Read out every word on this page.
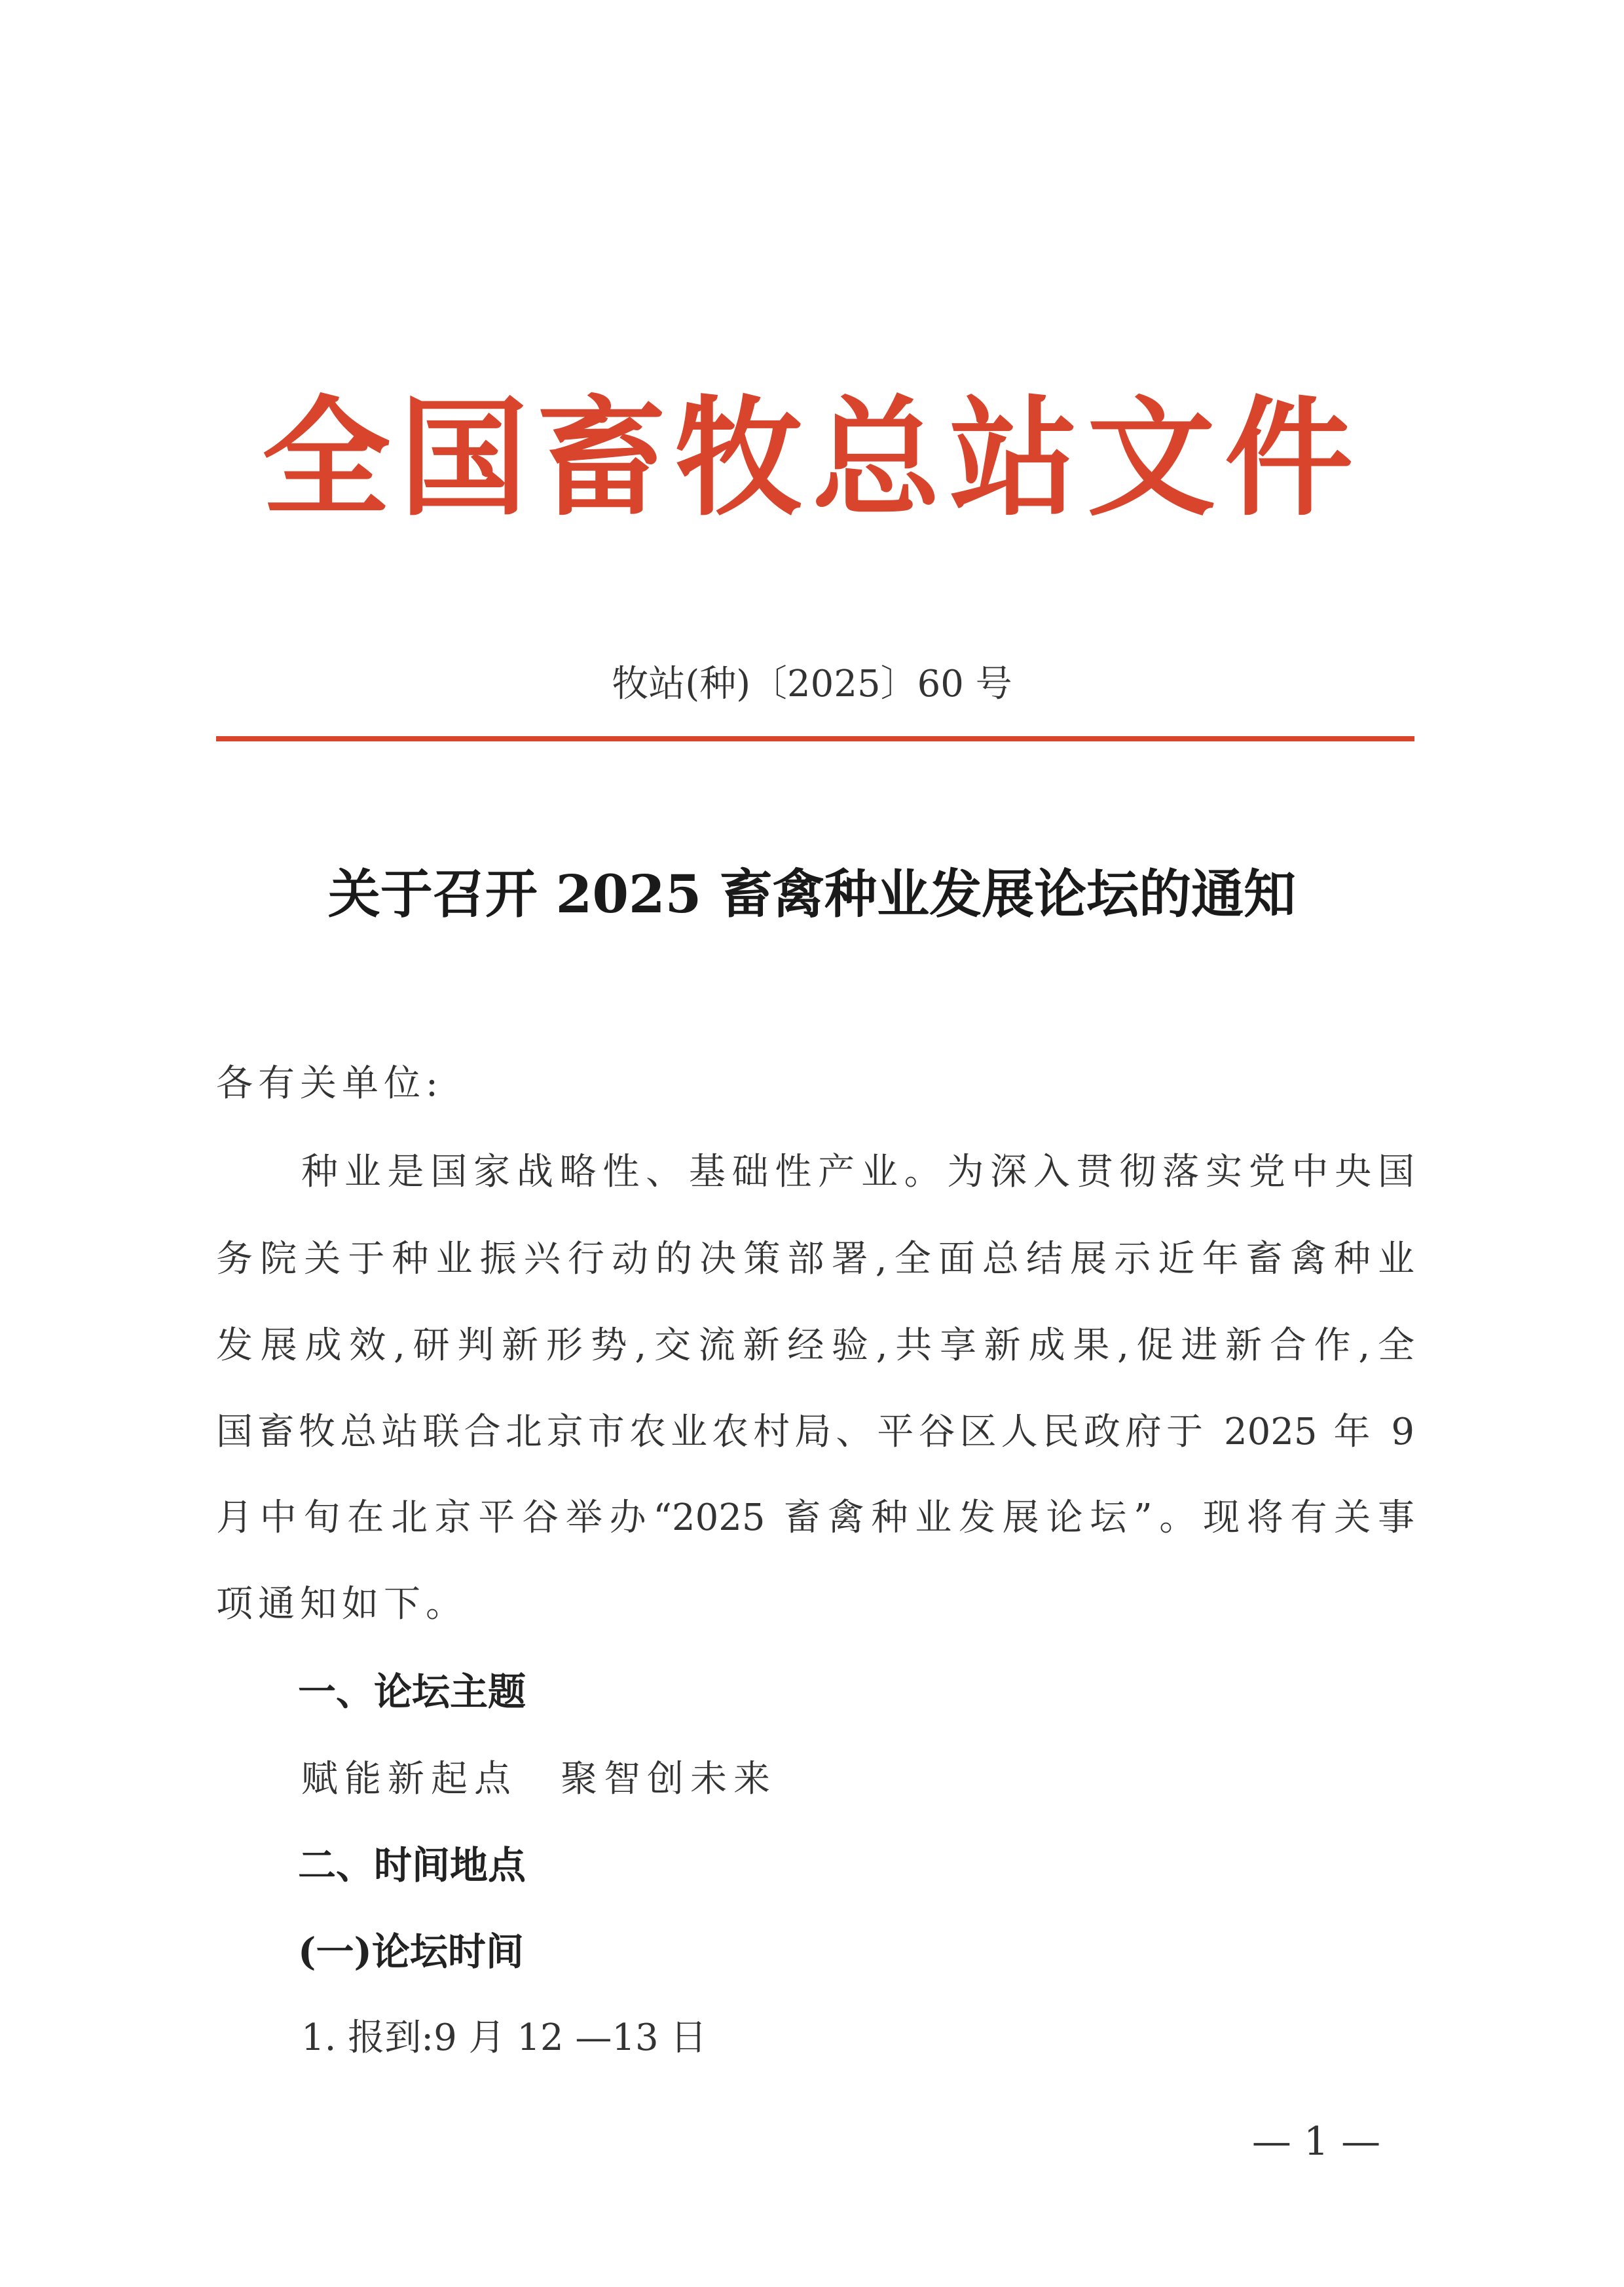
全国畜牧总站文件
牧站(种)〔2025〕60 号
关于召开 2025 畜禽种业发展论坛的通知
各有关单位:
种业是国家战略性、基础性产业。为深入贯彻落实党中央国
务院关于种业振兴行动的决策部署,全面总结展示近年畜禽种业
发展成效,研判新形势,交流新经验,共享新成果,促进新合作,全
国畜牧总站联合北京市农业农村局、平谷区人民政府于 2025 年 9
月中旬在北京平谷举办“2025 畜禽种业发展论坛”。现将有关事
项通知如下。
一、论坛主题
赋能新起点　聚智创未来
二、时间地点
(一)论坛时间
1. 报到:9 月 12 —13 日
— 1 —
